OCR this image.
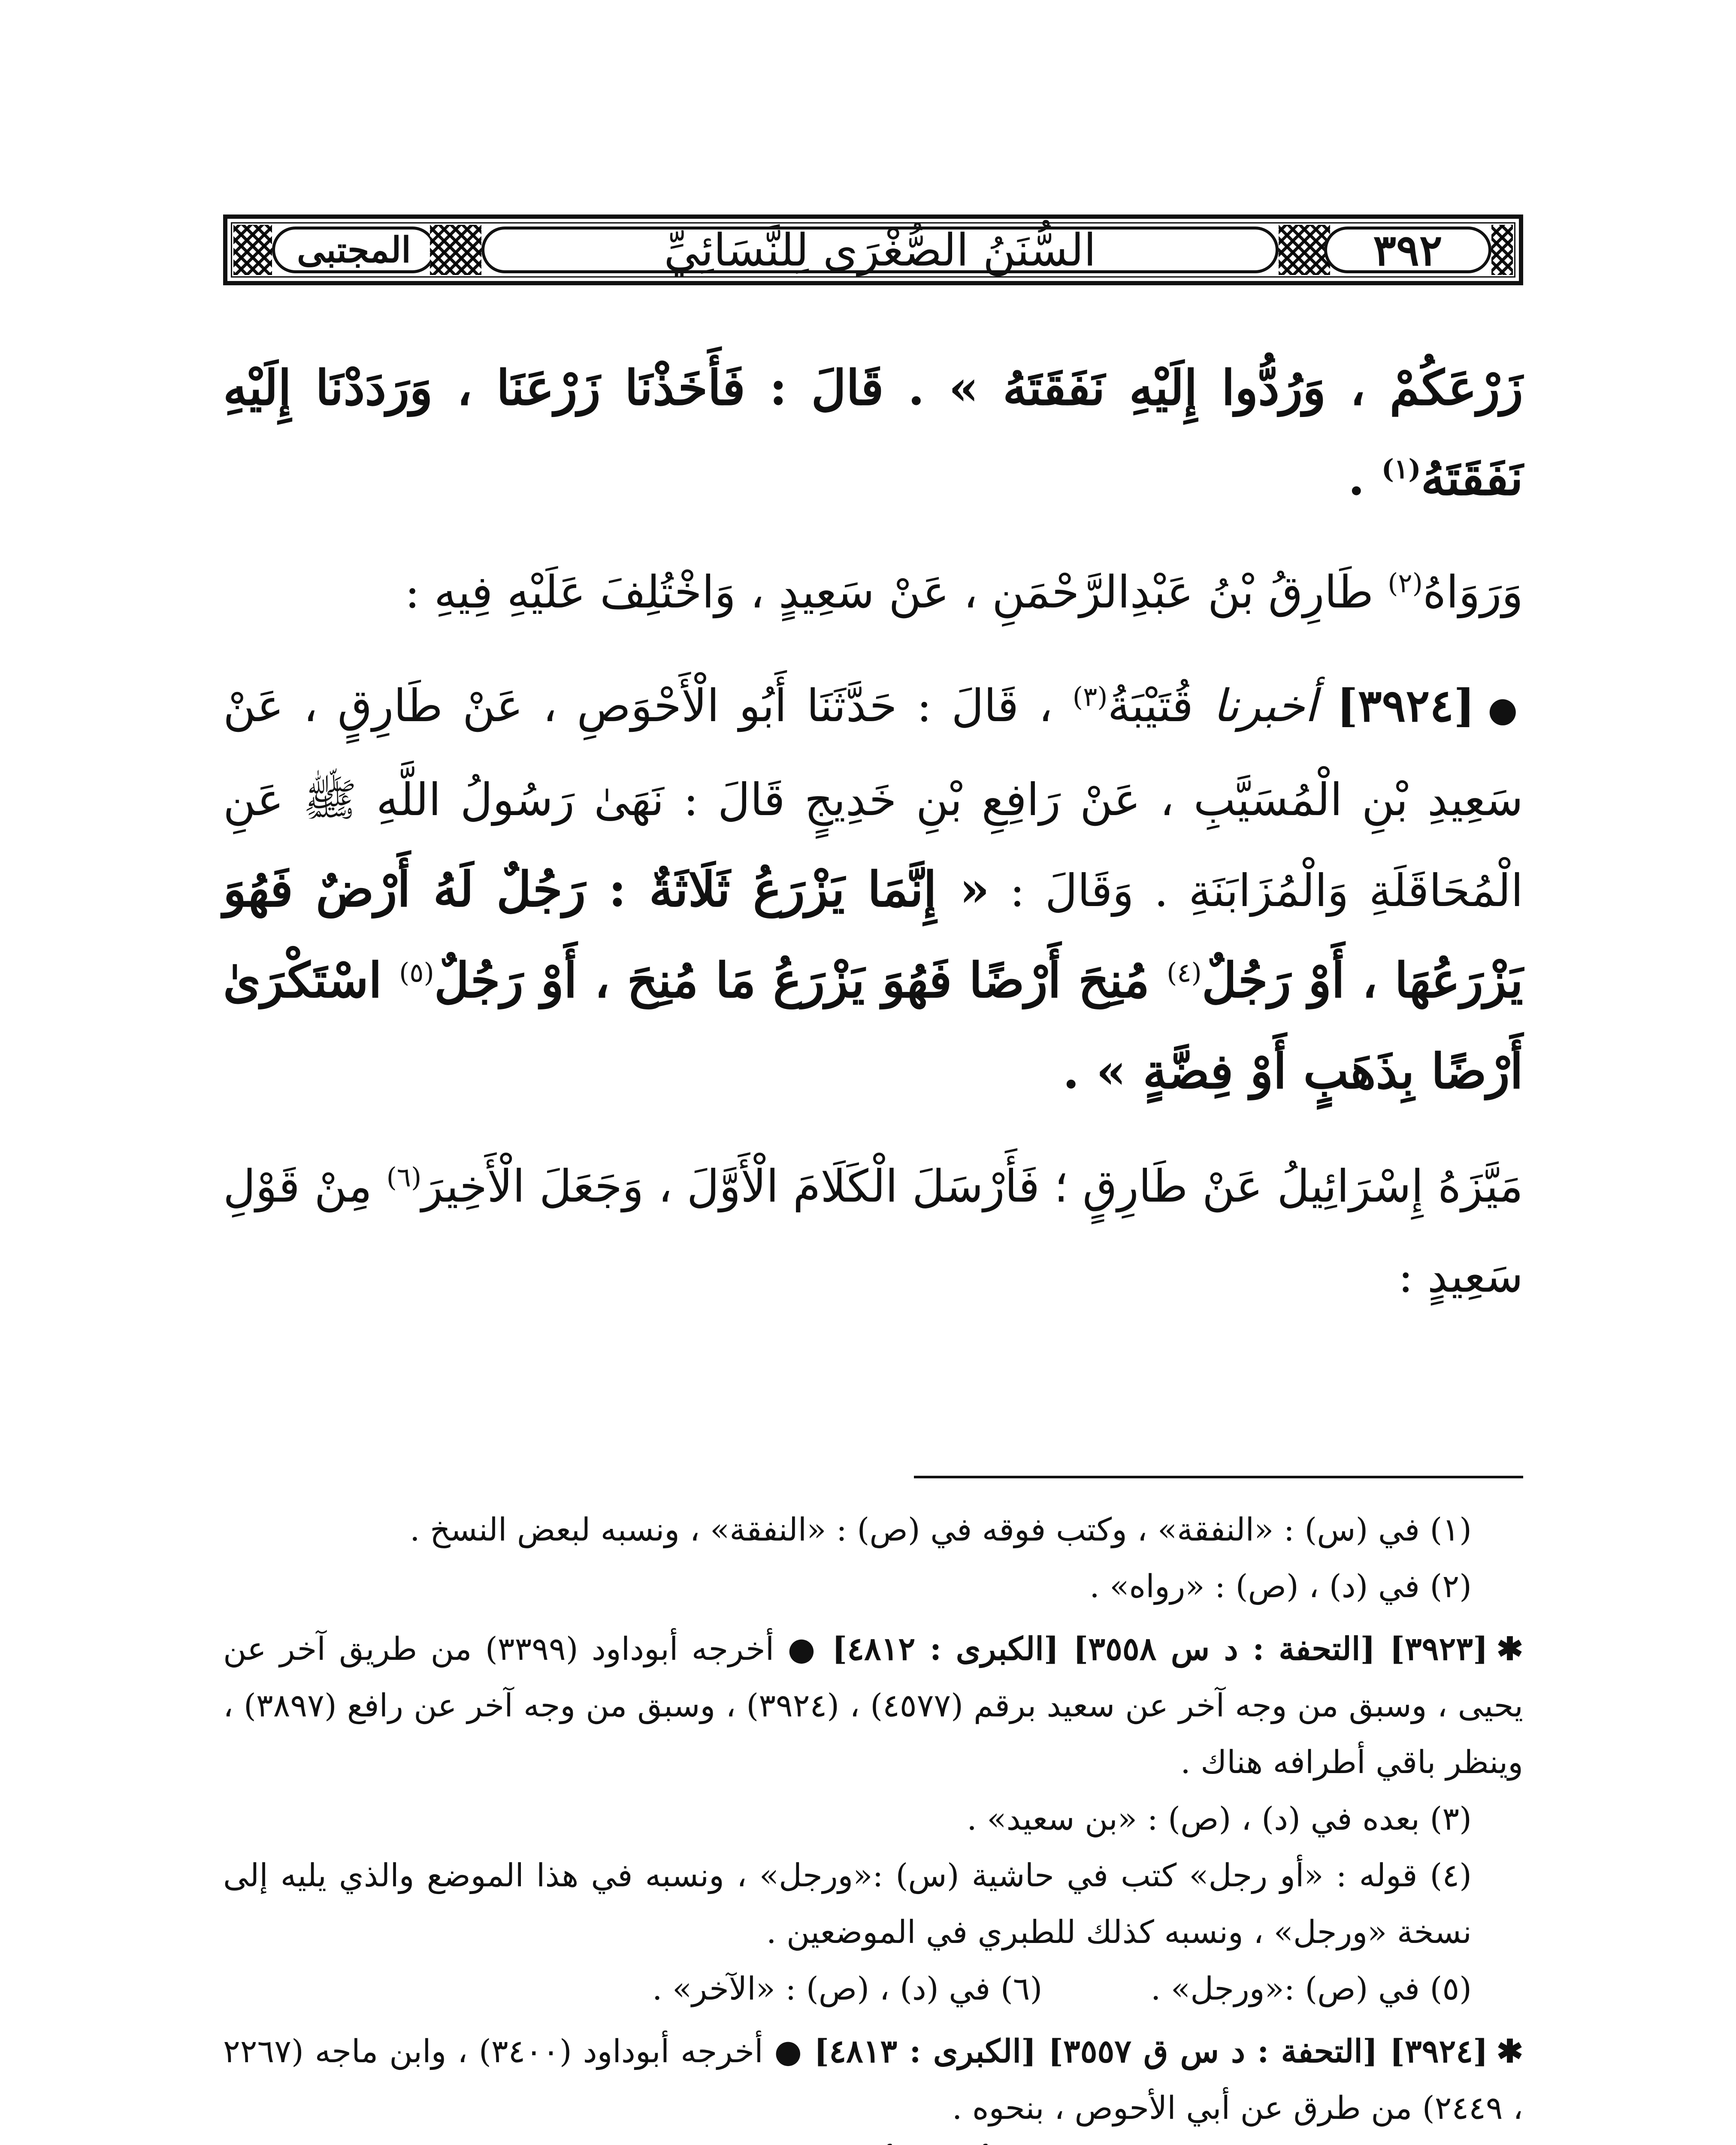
المجتبى	السُّنَنُ الصُّغْرَى لِلنَّسَائِيِّ	٣٩٢

زَرْعَكُمْ ، وَرُدُّوا إِلَيْهِ نَفَقَتَهُ » . قَالَ : فَأَخَذْنَا زَرْعَنَا ، وَرَدَدْنَا إِلَيْهِ نَفَقَتَهُ$^{(١)}$ .

وَرَوَاهُ$^{(٢)}$ طَارِقُ بْنُ عَبْدِالرَّحْمَنِ ، عَنْ سَعِيدٍ ، وَاخْتُلِفَ عَلَيْهِ فِيهِ :

●[٣٩٢٤] أخبرنا قُتَيْبَةُ$^{(٣)}$ ، قَالَ : حَدَّثَنَا أَبُو الْأَحْوَصِ ، عَنْ طَارِقٍ ، عَنْ سَعِيدِ بْنِ الْمُسَيَّبِ ، عَنْ رَافِعِ بْنِ خَدِيجٍ قَالَ : نَهَىٰ رَسُولُ اللَّهِ ﷺ عَنِ الْمُحَاقَلَةِ وَالْمُزَابَنَةِ . وَقَالَ : « إِنَّمَا يَزْرَعُ ثَلَاثَةٌ : رَجُلٌ لَهُ أَرْضٌ فَهُوَ يَزْرَعُهَا ، أَوْ رَجُلٌ$^{(٤)}$ مُنِحَ أَرْضًا فَهُوَ يَزْرَعُ مَا مُنِحَ ، أَوْ رَجُلٌ$^{(٥)}$ اسْتَكْرَىٰ أَرْضًا بِذَهَبٍ أَوْ فِضَّةٍ » .

مَيَّزَهُ إِسْرَائِيلُ عَنْ طَارِقٍ ؛ فَأَرْسَلَ الْكَلَامَ الْأَوَّلَ ، وَجَعَلَ الْأَخِيرَ$^{(٦)}$ مِنْ قَوْلِ سَعِيدٍ :

(١) في (س) : «النفقة» ، وكتب فوقه في (ص) : «النفقة» ، ونسبه لبعض النسخ .

(٢) في (د) ، (ص) : «رواه» .

✱[٣٩٢٣] [التحفة : د س ٣٥٥٨] [الكبرى : ٤٨١٢] ● أخرجه أبوداود (٣٣٩٩) من طريق آخر عن يحيى ، وسبق من وجه آخر عن سعيد برقم (٤٥٧٧) ، (٣٩٢٤) ، وسبق من وجه آخر عن رافع (٣٨٩٧) ، وينظر باقي أطرافه هناك .

(٣) بعده في (د) ، (ص) : «بن سعيد» .

(٤) قوله : «أو رجل» كتب في حاشية (س) :«ورجل» ، ونسبه في هذا الموضع والذي يليه إلى نسخة «ورجل» ، ونسبه كذلك للطبري في الموضعين .

(٥) في (ص) :«ورجل» .
(٦) في (د) ، (ص) : «الآخر» .

✱[٣٩٢٤] [التحفة : د س ق ٣٥٥٧] [الكبرى : ٤٨١٣] ● أخرجه أبوداود (٣٤٠٠) ، وابن ماجه (٢٢٦٧ ، ٢٤٤٩) من طرق عن أبي الأحوص ، بنحوه .
